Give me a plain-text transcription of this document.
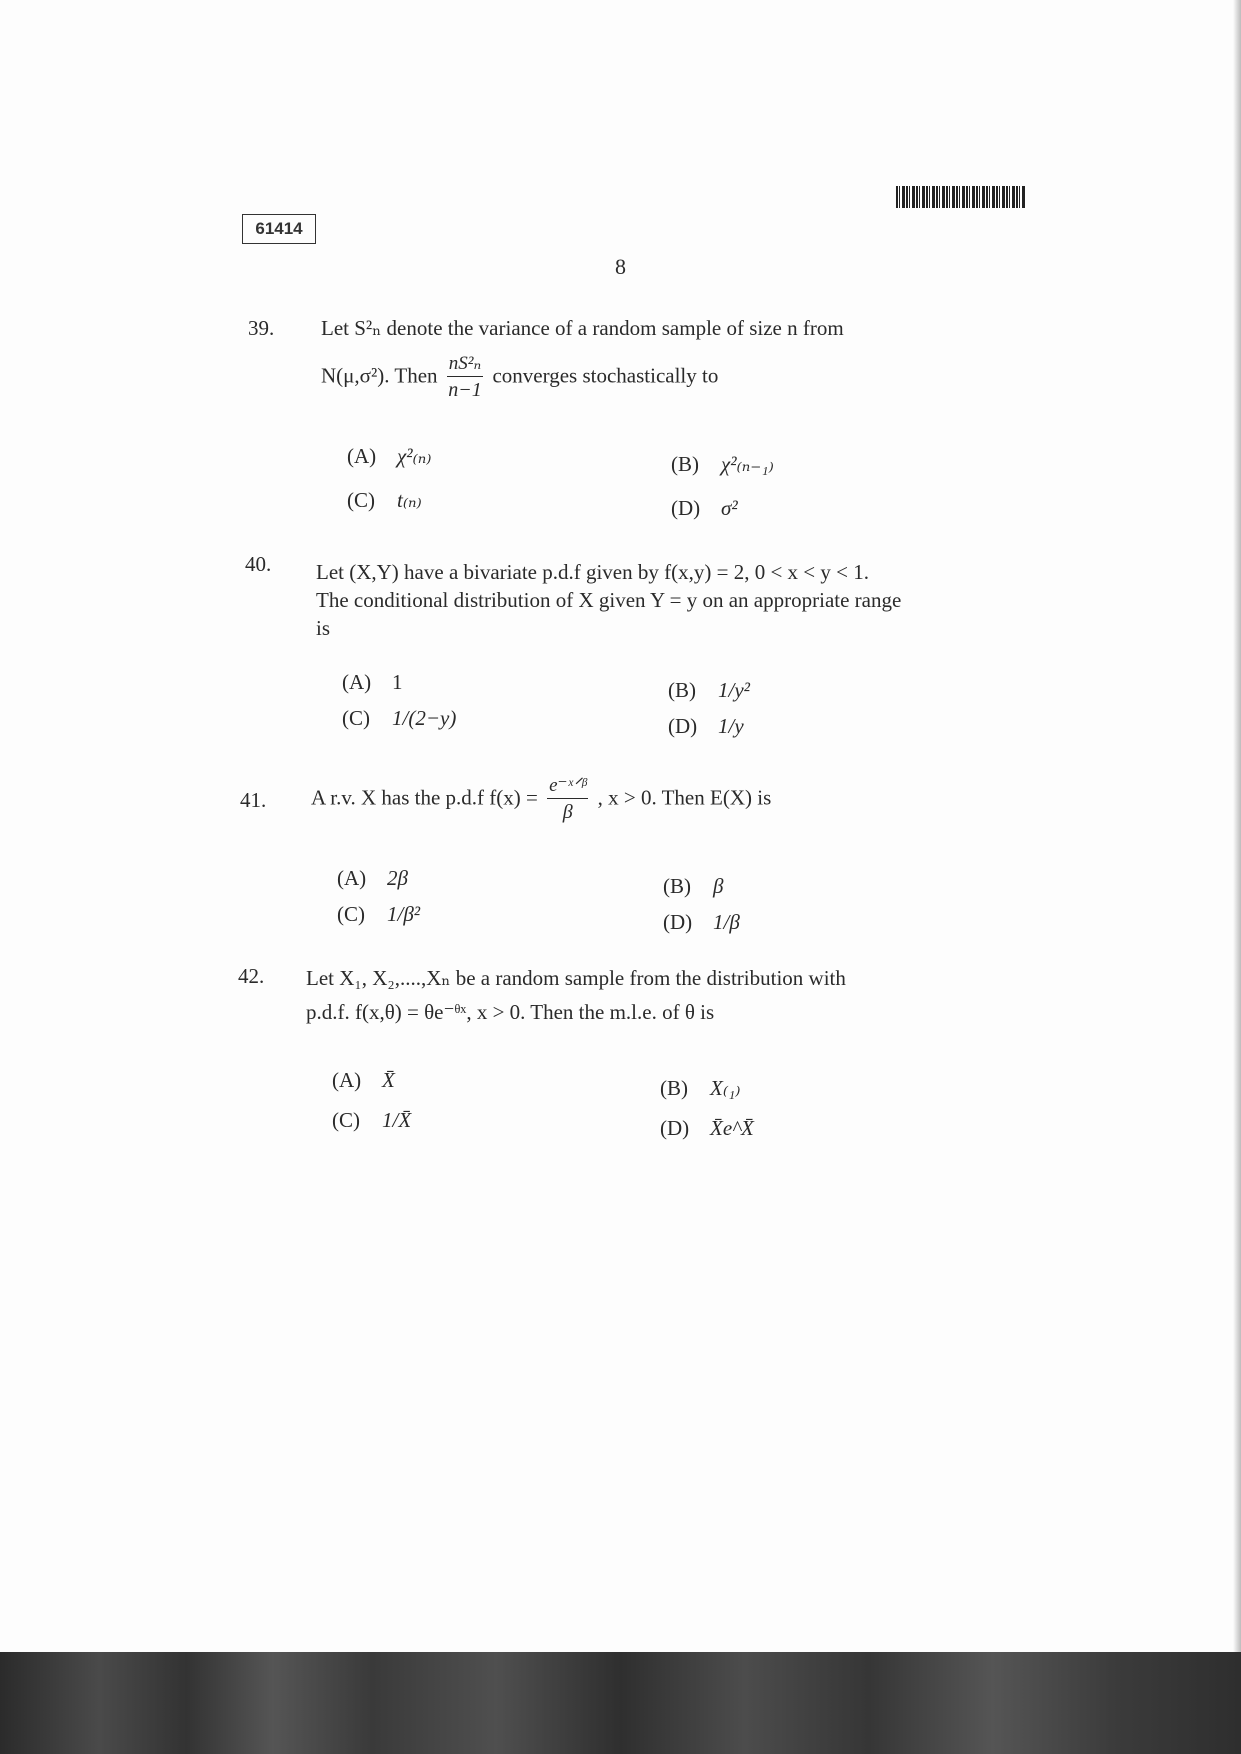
61414
8
39.	Let S²ₙ denote the variance of a random sample of size n from
N(μ,σ²). Then $\frac{\text{nS²ₙ}}{n-1}$ converges stochastically to
(A) χ²₍ₙ₎	(B) χ²₍ₙ₋₁₎
(C) t₍ₙ₎	(D) σ²
40.	Let (X,Y) have a bivariate p.d.f given by f(x,y) = 2, 0 < x < y < 1.
The conditional distribution of X given Y = y on an appropriate range
is
(A) 1	(B) 1/y²
(C) 1/(2−y)	(D) 1/y
41.	A r.v. X has the p.d.f $f(x) = \frac{\text{e⁻ˣᐟᵝ}}{\beta}$ , x > 0. Then E(X) is
(A) 2β	(B) β
(C) 1/β²	(D) 1/β
42.	Let X₁, X₂,....,Xₙ be a random sample from the distribution with
p.d.f. f(x,θ) = θe⁻ᶿˣ, x > 0. Then the m.l.e. of θ is
(A) X̄	(B) X₍₁₎
(C) 1/X̄	(D) X̄e^X̄
